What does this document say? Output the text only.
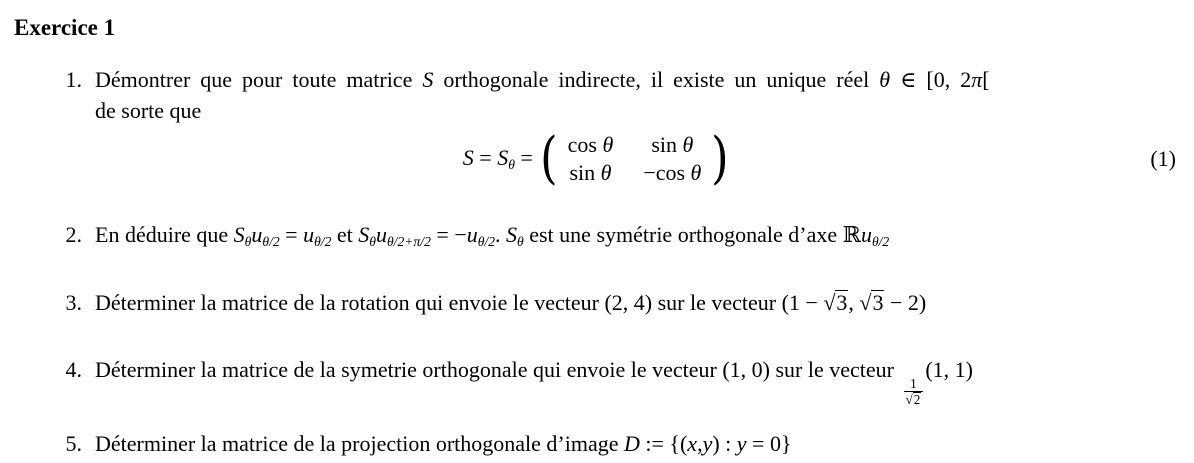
Exercice 1
1. Démontrer que pour toute matrice S orthogonale indirecte, il existe un unique réel θ ∈ [0, 2π[
de sorte que
S = Sθ = ( cos θ sin θ
sin θ −cos θ )	(1)
2. En déduire que Sθuθ/2 = uθ/2 et Sθuθ/2+π/2 = −uθ/2. Sθ est une symétrie orthogonale d’axe ℝuθ/2
3. Déterminer la matrice de la rotation qui envoie le vecteur (2, 4) sur le vecteur (1 − √3, √3 − 2)
4. Déterminer la matrice de la symetrie orthogonale qui envoie le vecteur (1, 0) sur le vecteur
$\frac{1}{√2}$
(1, 1)
5. Déterminer la matrice de la projection orthogonale d’image D := {(x,y) : y = 0}
